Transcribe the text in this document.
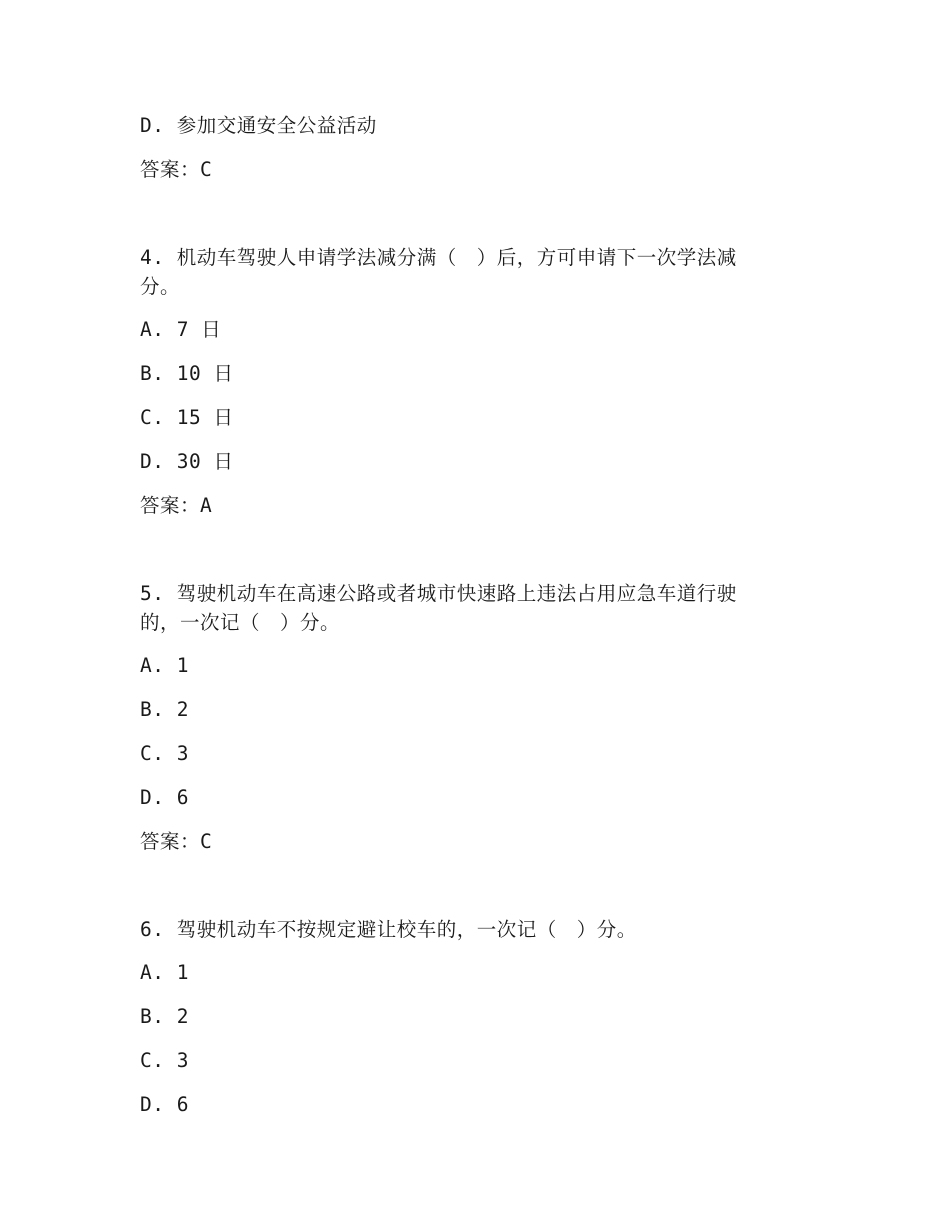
D. 参加交通安全公益活动
答案：C
4. 机动车驾驶人申请学法减分满（　）后，方可申请下一次学法减
分。
A. 7 日
B. 10 日
C. 15 日
D. 30 日
答案：A
5. 驾驶机动车在高速公路或者城市快速路上违法占用应急车道行驶
的，一次记（　）分。
A. 1
B. 2
C. 3
D. 6
答案：C
6. 驾驶机动车不按规定避让校车的，一次记（　）分。
A. 1
B. 2
C. 3
D. 6
